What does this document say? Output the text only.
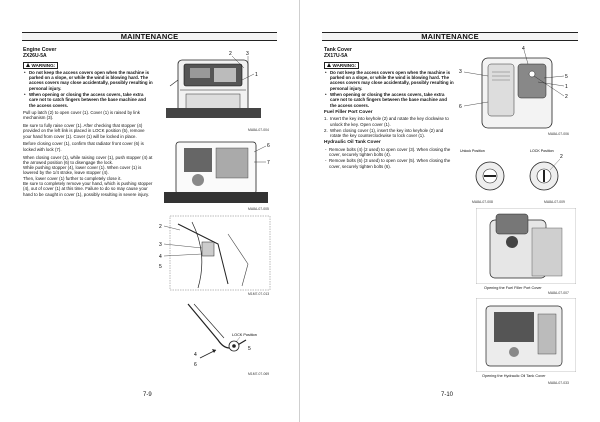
MAINTENANCE
Engine Cover
ZX26U-5A
WARNING:
• Do not keep the access covers open when the machine is parked on a slope, or while the wind is blowing hard. The access covers may close accidentally, possibly resulting in personal injury.
• When opening or closing the access covers, take extra care not to catch fingers between the base machine and the access covers.

Pull up latch (2) to open cover (1). Cover (1) is raised by link mechanism (3).

Be sure to fully raise cover (1). After checking that stopper (4) provided on the left link is placed in LOCK position (5), remove your hand from cover (1). Cover (1) will be locked in place.

Before closing cover (1), confirm that radiator front cover (6) is locked with lock (7).

When closing cover (1), while raising cover (1), push stopper (4) at the arrowed position (6) to disengage the lock.

While pushing stopper (4), lower cover (1). When cover (1) is lowered by the 1/4 stroke, leave stopper (4).

Then, lower cover (1) further to completely close it.

Be sure to completely remove your hand, which is pushing stopper (4), out of cover (1) at this time. Failure to do so may cause your hand to be caught in cover (1), possibly resulting in severe injury.

2	3
1
MA8A-07-004
6
7
MA8A-07-005
2
3
4
5
M1M7-07-013
LOCK Position
4
6
5
M1M7-07-069
7-9
MAINTENANCE
Tank Cover
ZX17U-5A
WARNING:
• Do not keep the access covers open when the machine is parked on a slope, or while the wind is blowing hard. The access covers may close accidentally, possibly resulting in personal injury.
• When opening or closing the access covers, take extra care not to catch fingers between the base machine and the access covers.
Fuel Filler Port Cover
1. Insert the key into keyhole (2) and rotate the key clockwise to unlock the key. Open cover (1).
2. When closing cover (1), insert the key into keyhole (2) and rotate the key counterclockwise to lock cover (1).
Hydraulic Oil Tank Cover
- Remove bolts (4) (2 used) to open cover (3). When closing the cover, securely tighten bolts (4).
- Remove bolts (6) (3 used) to open cover (5). When closing the cover, securely tighten bolts (6).
4
3
5
1
2
6
MA8A-07-006
Unlock Position
MA8A-07-008
LOCK Position
2
MA8A-07-009
Opening the Fuel Filler Port Cover
MA8A-07-007
Opening the Hydraulic Oil Tank Cover
MA8A-07-033
7-10
